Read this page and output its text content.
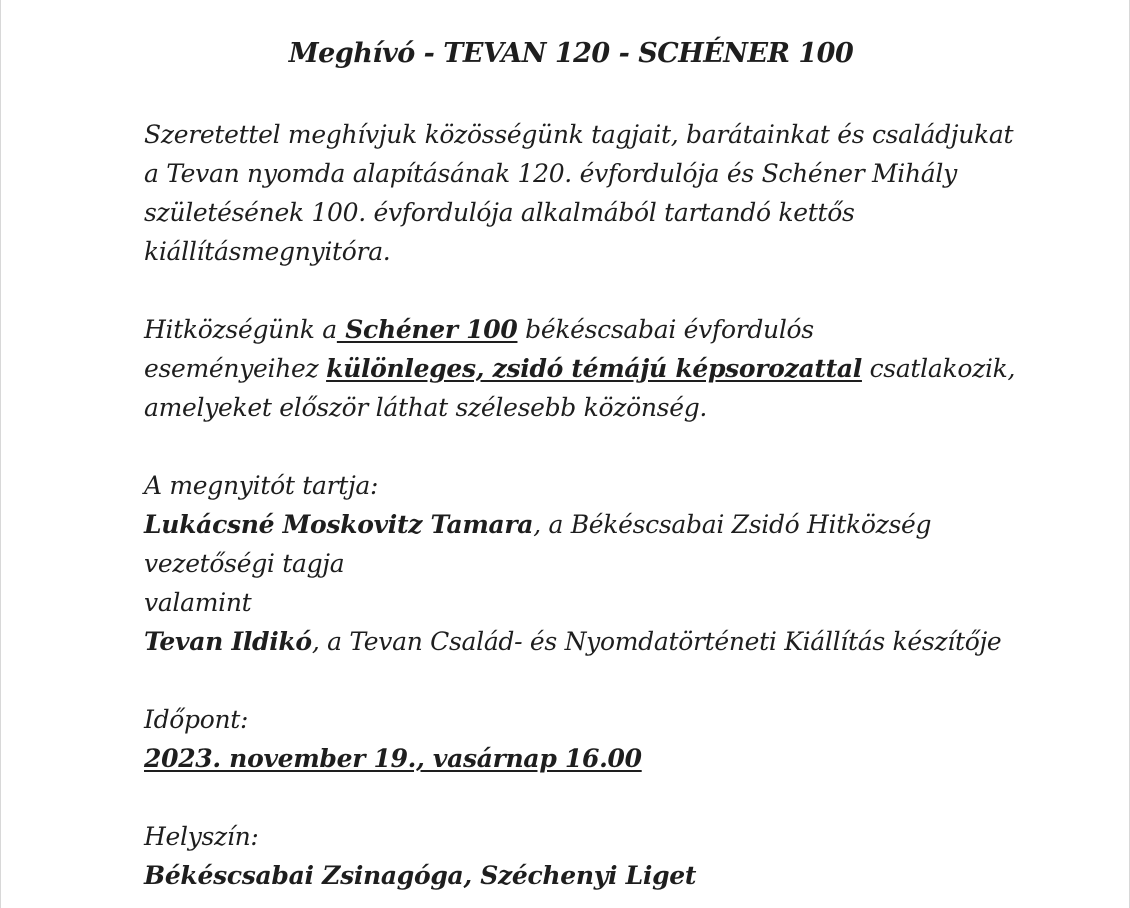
Meghívó - TEVAN 120 - SCHÉNER 100

Szeretettel meghívjuk közösségünk tagjait, barátainkat és családjukat
a Tevan nyomda alapításának 120. évfordulója és Schéner Mihály
születésének 100. évfordulója alkalmából tartandó kettős
kiállításmegnyitóra.

Hitközségünk a Schéner 100 békéscsabai évfordulós
eseményeihez különleges, zsidó témájú képsorozattal csatlakozik,
amelyeket először láthat szélesebb közönség.

A megnyitót tartja:
Lukácsné Moskovitz Tamara, a Békéscsabai Zsidó Hitközség
vezetőségi tagja
valamint
Tevan Ildikó, a Tevan Család- és Nyomdatörténeti Kiállítás készítője

Időpont:
2023. november 19., vasárnap 16.00

Helyszín:
Békéscsabai Zsinagóga, Széchenyi Liget
